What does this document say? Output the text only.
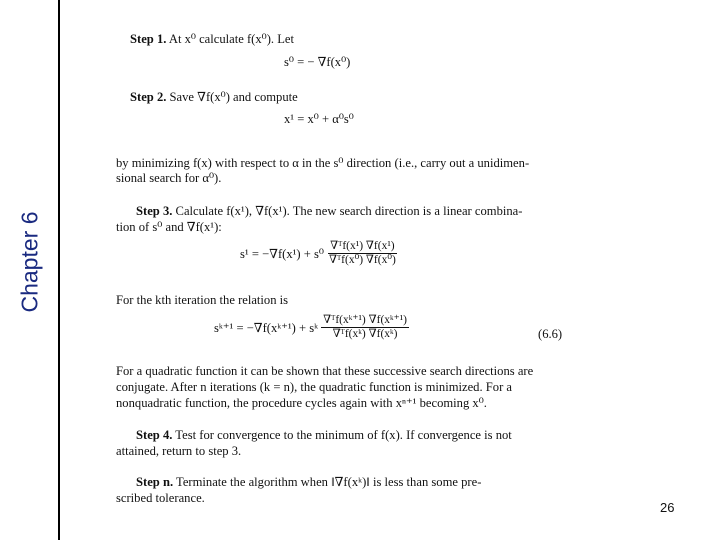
Chapter 6
Step 1. At x⁰ calculate f(x⁰). Let
s⁰ = − ∇f(x⁰)
Step 2. Save ∇f(x⁰) and compute
x¹ = x⁰ + α⁰s⁰
by minimizing f(x) with respect to α in the s⁰ direction (i.e., carry out a unidimen-
sional search for α⁰).
Step 3. Calculate f(x¹), ∇f(x¹). The new search direction is a linear combina-
tion of s⁰ and ∇f(x¹):
$s^1 = -\nabla f(x^1) + s^0 \frac{\text{∇ᵀf(x¹) ∇f(x¹)}}{\text{∇ᵀf(x⁰) ∇f(x⁰)}}$
For the kth iteration the relation is
sᵏ⁺¹ = −∇f(xᵏ⁺¹) + sᵏ $\frac{\text{∇ᵀf(xᵏ⁺¹) ∇f(xᵏ⁺¹)}}{\text{∇ᵀf(xᵏ) ∇f(xᵏ)}}$	(6.6)
For a quadratic function it can be shown that these successive search directions are
conjugate. After n iterations (k = n), the quadratic function is minimized. For a
nonquadratic function, the procedure cycles again with xⁿ⁺¹ becoming x⁰.
Step 4. Test for convergence to the minimum of f(x). If convergence is not
attained, return to step 3.
Step n. Terminate the algorithm when ‖∇f(xᵏ)‖ is less than some pre-
scribed tolerance.
26
